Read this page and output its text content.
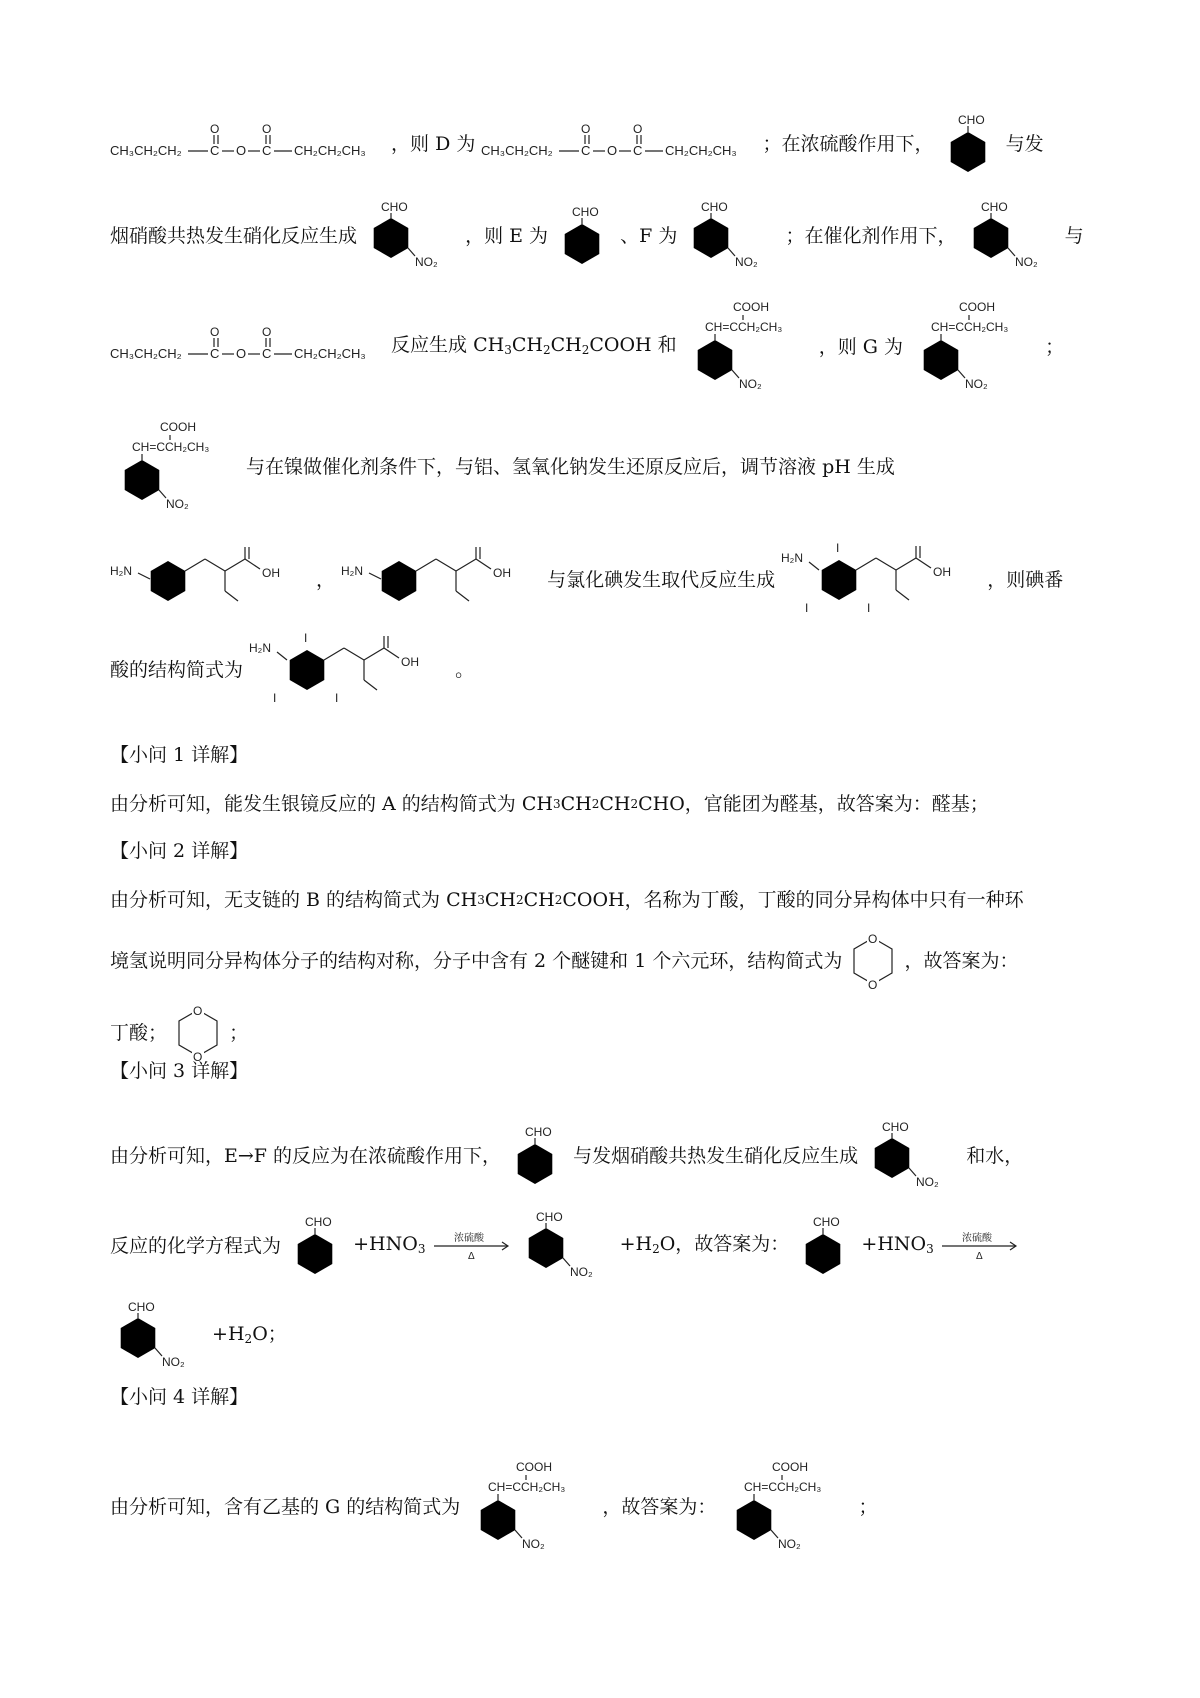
CH₃CH₂CH₂ C
O
O C
O
CH₂CH₂CH₃ ，则 D 为 CH₃CH₂CH₂ C
O
O C
O
CH₂CH₂CH₃ ；在浓硫酸作用下，
CHO
与发
烟硝酸共热发生硝化反应生成
CHO
NO₂
，则 E 为
CHO
、F 为
CHO
NO₂
；在催化剂作用下，
CHO
NO₂
与
CH₃CH₂CH₂ C
O
O C
O
CH₂CH₂CH₃ 反应生成 $CH_3CH_2CH_2COOH$ 和
CH=CCH₂CH₃
COOH
NO₂
，则 G 为
CH=CCH₂CH₃
COOH
NO₂
；
CH=CCH₂CH₃
COOH
NO₂
与在镍做催化剂条件下，与铝、氢氧化钠发生还原反应后，调节溶液 pH 生成
H₂N	OH ， H₂N	OH 与氯化碘发生取代反应生成
H₂N
I
I	I
OH ，则碘番
酸的结构简式为
H₂N
I
I	I
OH 。
【小问 1 详解】
由分析可知，能发生银镜反应的 A 的结构简式为 CH3CH2CH2CHO，官能团为醛基，故答案为：醛基；
【小问 2 详解】
由分析可知，无支链的 B 的结构简式为 CH3CH2CH2COOH，名称为丁酸，丁酸的同分异构体中只有一种环
境氢说明同分异构体分子的结构对称，分子中含有 2 个醚键和 1 个六元环，结构简式为
O
O
，故答案为：
丁酸；
O
O
；
【小问 3 详解】
由分析可知，E→F 的反应为在浓硫酸作用下，
CHO
与发烟硝酸共热发生硝化反应生成
CHO
NO₂
和水，
反应的化学方程式为
CHO
$+HNO_3$
浓硫酸
Δ

CHO
NO₂
$+H_2O$，故答案为：
CHO
$+HNO_3$
浓硫酸
Δ
CHO
NO₂
$+H_2O$；
【小问 4 详解】
由分析可知，含有乙基的 G 的结构简式为
CH=CCH₂CH₃
COOH
NO₂
，故答案为：
CH=CCH₂CH₃
COOH
NO₂
；
